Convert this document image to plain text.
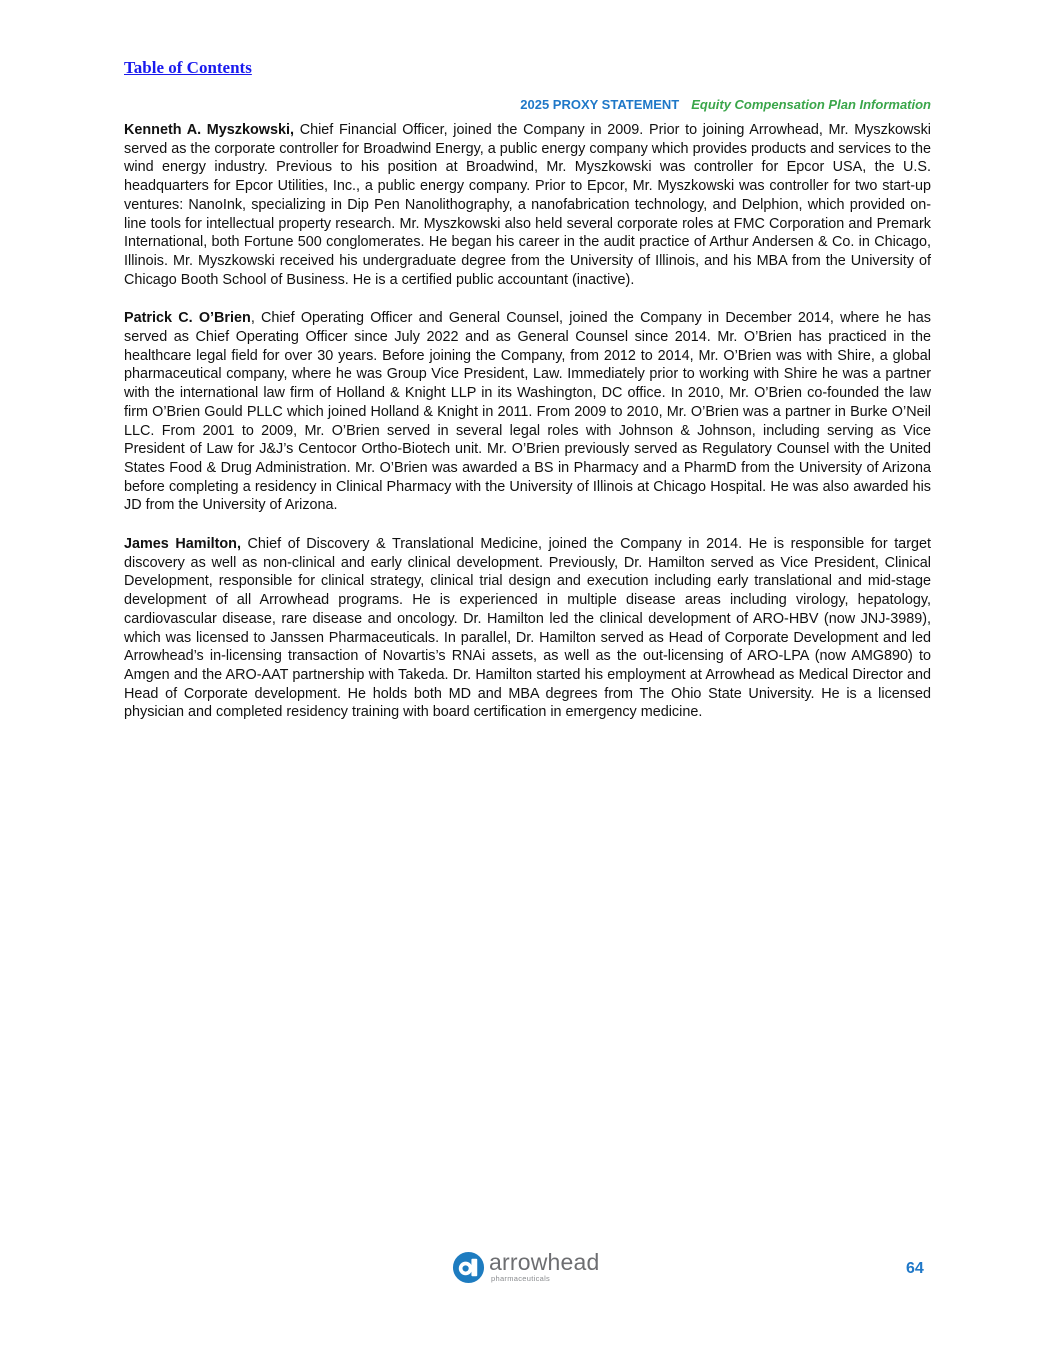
Table of Contents
2025 PROXY STATEMENT Equity Compensation Plan Information

Kenneth A. Myszkowski, Chief Financial Officer, joined the Company in 2009. Prior to joining Arrowhead, Mr. Myszkowski served as the corporate controller for Broadwind Energy, a public energy company which provides products and services to the wind energy industry. Previous to his position at Broadwind, Mr. Myszkowski was controller for Epcor USA, the U.S. headquarters for Epcor Utilities, Inc., a public energy company. Prior to Epcor, Mr. Myszkowski was controller for two start-up ventures: NanoInk, specializing in Dip Pen Nanolithography, a nanofabrication technology, and Delphion, which provided on-line tools for intellectual property research. Mr. Myszkowski also held several corporate roles at FMC Corporation and Premark International, both Fortune 500 conglomerates. He began his career in the audit practice of Arthur Andersen & Co. in Chicago, Illinois. Mr. Myszkowski received his undergraduate degree from the University of Illinois, and his MBA from the University of Chicago Booth School of Business. He is a certified public accountant (inactive).

Patrick C. O’Brien, Chief Operating Officer and General Counsel, joined the Company in December 2014, where he has served as Chief Operating Officer since July 2022 and as General Counsel since 2014. Mr. O’Brien has practiced in the healthcare legal field for over 30 years. Before joining the Company, from 2012 to 2014, Mr. O’Brien was with Shire, a global pharmaceutical company, where he was Group Vice President, Law. Immediately prior to working with Shire he was a partner with the international law firm of Holland & Knight LLP in its Washington, DC office. In 2010, Mr. O’Brien co-founded the law firm O’Brien Gould PLLC which joined Holland & Knight in 2011. From 2009 to 2010, Mr. O’Brien was a partner in Burke O’Neil LLC. From 2001 to 2009, Mr. O’Brien served in several legal roles with Johnson & Johnson, including serving as Vice President of Law for J&J’s Centocor Ortho-Biotech unit. Mr. O’Brien previously served as Regulatory Counsel with the United States Food & Drug Administration. Mr. O’Brien was awarded a BS in Pharmacy and a PharmD from the University of Arizona before completing a residency in Clinical Pharmacy with the University of Illinois at Chicago Hospital. He was also awarded his JD from the University of Arizona.

James Hamilton, Chief of Discovery & Translational Medicine, joined the Company in 2014. He is responsible for target discovery as well as non-clinical and early clinical development. Previously, Dr. Hamilton served as Vice President, Clinical Development, responsible for clinical strategy, clinical trial design and execution including early translational and mid-stage development of all Arrowhead programs. He is experienced in multiple disease areas including virology, hepatology, cardiovascular disease, rare disease and oncology. Dr. Hamilton led the clinical development of ARO-HBV (now JNJ-3989), which was licensed to Janssen Pharmaceuticals. In parallel, Dr. Hamilton served as Head of Corporate Development and led Arrowhead’s in-licensing transaction of Novartis’s RNAi assets, as well as the out-licensing of ARO-LPA (now AMG890) to Amgen and the ARO-AAT partnership with Takeda. Dr. Hamilton started his employment at Arrowhead as Medical Director and Head of Corporate development. He holds both MD and MBA degrees from The Ohio State University. He is a licensed physician and completed residency training with board certification in emergency medicine.

arrowhead
pharmaceuticals
64
